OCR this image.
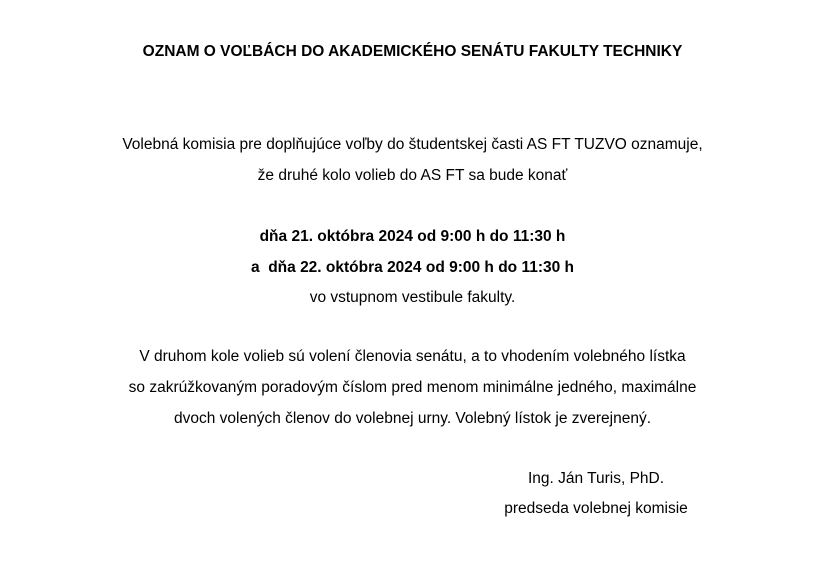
OZNAM O VOĽBÁCH DO AKADEMICKÉHO SENÁTU FAKULTY TECHNIKY
Volebná komisia pre doplňujúce voľby do študentskej časti AS FT TUZVO oznamuje,
že druhé kolo volieb do AS FT sa bude konať
dňa 21. októbra 2024 od 9:00 h do 11:30 h
a  dňa 22. októbra 2024 od 9:00 h do 11:30 h
vo vstupnom vestibule fakulty.
V druhom kole volieb sú volení členovia senátu, a to vhodením volebného lístka
so zakrúžkovaným poradovým číslom pred menom minimálne jedného, maximálne
dvoch volených členov do volebnej urny. Volebný lístok je zverejnený.
Ing. Ján Turis, PhD.
predseda volebnej komisie
